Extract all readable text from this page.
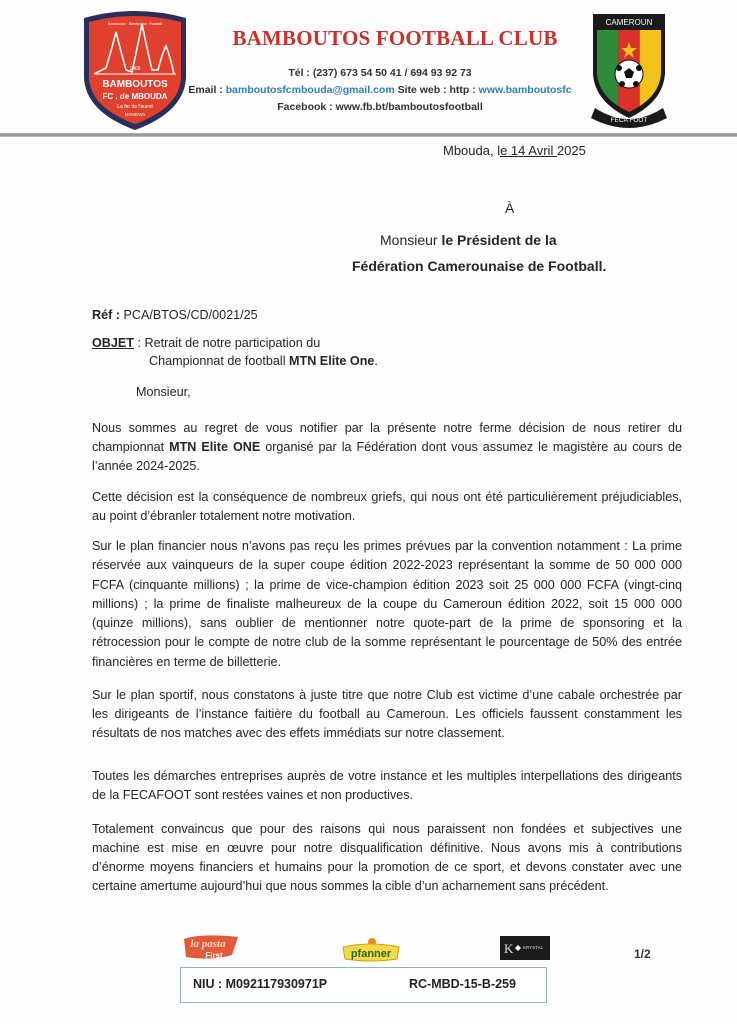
1966
Bamboutos · Bamboutos · Football
BAMBOUTOS
FC . de MBOUDA
La fer de l'ouest
MANGWA
BAMBOUTOS FOOTBALL CLUB
Tél : (237) 673 54 50 41 / 694 93 92 73
Email : bamboutosfcmbouda@gmail.com Site web : http : www.bamboutosfc
Facebook : www.fb.bt/bamboutosfootball
CAMEROUN
FECA FOOT
Mbouda, le 14 Avril 2025
À
Monsieur le Président de la
Fédération Camerounaise de Football.
Réf : PCA/BTOS/CD/0021/25
OBJET : Retrait de notre participation du
Championnat de football MTN Elite One.
Monsieur,
Nous sommes au regret de vous notifier par la présente notre ferme décision de nous retirer du championnat MTN Elite ONE organisé par la Fédération dont vous assumez le magistère au cours de l’année 2024-2025.
Cette décision est la conséquence de nombreux griefs, qui nous ont été particulièrement préjudiciables, au point d’ébranler totalement notre motivation.
Sur le plan financier nous n’avons pas reçu les primes prévues par la convention notamment : La prime réservée aux vainqueurs de la super coupe édition 2022-2023 représentant la somme de 50 000 000 FCFA (cinquante millions) ; la prime de vice-champion édition 2023 soit 25 000 000 FCFA (vingt-cinq millions) ; la prime de finaliste malheureux de la coupe du Cameroun édition 2022, soit 15 000 000 (quinze millions), sans oublier de mentionner notre quote-part de la prime de sponsoring et la rétrocession pour le compte de notre club de la somme représentant le pourcentage de 50% des entrée financières en terme de billetterie.
Sur le plan sportif, nous constatons à juste titre que notre Club est victime d’une cabale orchestrée par les dirigeants de l’instance faitière du football au Cameroun. Les officiels faussent constamment les résultats de nos matches avec des effets immédiats sur notre classement.
Toutes les démarches entreprises auprès de votre instance et les multiples interpellations des dirigeants de la FECAFOOT sont restées vaines et non productives.
Totalement convaincus que pour des raisons qui nous paraissent non fondées et subjectives une machine est mise en œuvre pour notre disqualification définitive. Nous avons mis à contributions d’énorme moyens financiers et humains pour la promotion de ce sport, et devons constater avec une certaine amertume aujourd’hui que nous sommes la cible d’un acharnement sans précédent.
la pasta
First	pfanner	K KRYSTAL	1/2
NIU : M092117930971P	RC-MBD-15-B-259
